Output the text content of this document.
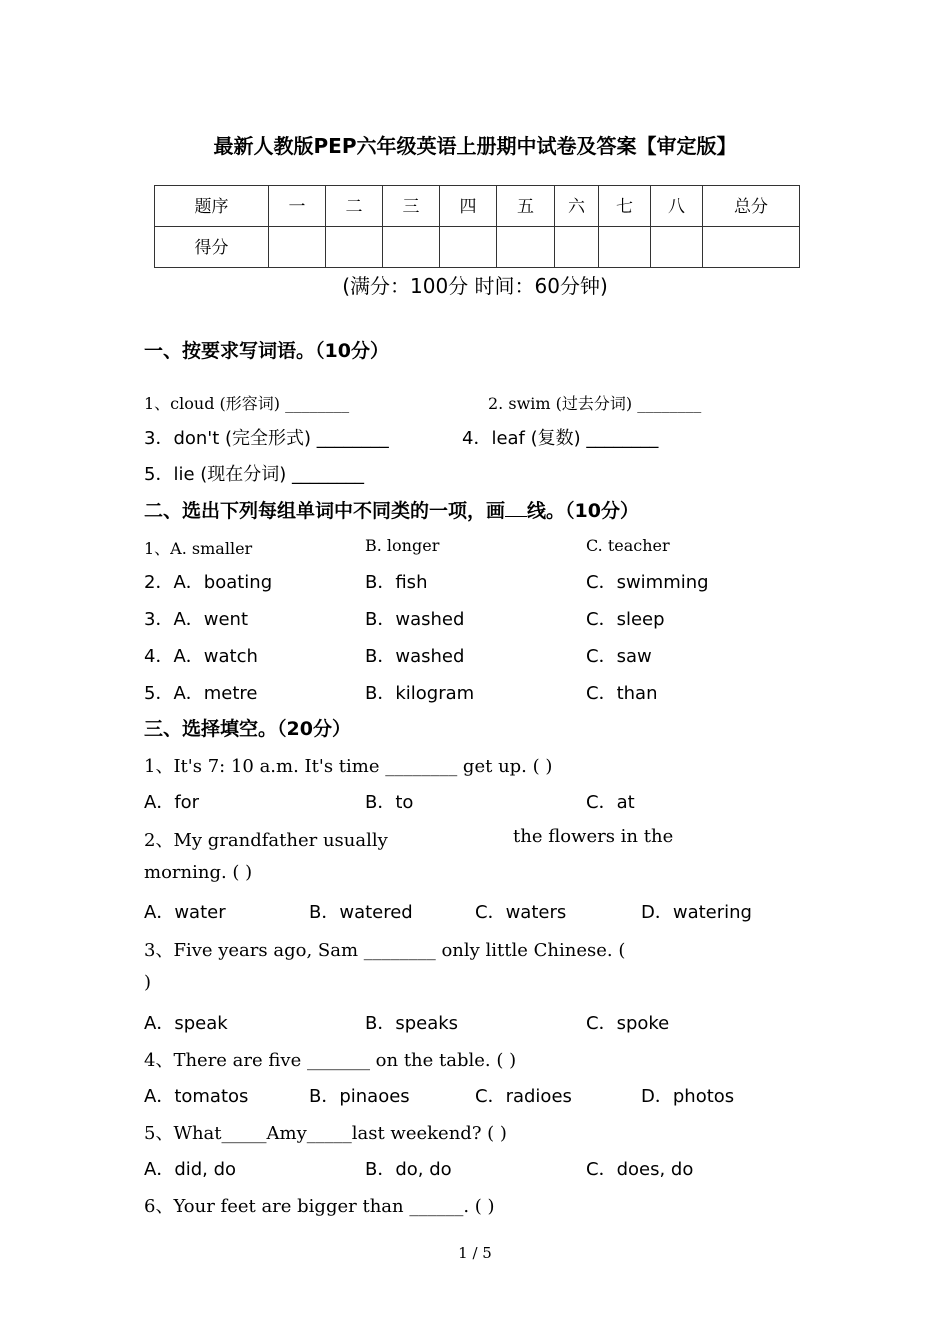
最新人教版PEP六年级英语上册期中试卷及答案【审定版】
题序	一	二	三	四	五	六	七	八	总分
得分									
(满分：100分 时间：60分钟)
一、按要求写词语。（10分）
1、cloud (形容词) ________	2. swim (过去分词) ________
3．don't (完全形式) ________	4．leaf (复数) ________
5．lie (现在分词) ________
二、选出下列每组单词中不同类的一项，画 线。（10分）
1、A. smaller	B. longer	C. teacher
2．A．boating	B．fish	C．swimming
3．A．went	B．washed	C．sleep
4．A．watch	B．washed	C．saw
5．A．metre	B．kilogram	C．than
三、选择填空。（20分）
1、It's 7: 10 a.m. It's time ________ get up. ( )
A．for	B．to	C．at
2、My grandfather usually	the flowers in the
morning. ( )
A．water	B．watered	C．waters	D．watering
3、Five years ago, Sam ________ only little Chinese. (
)
A．speak	B．speaks	C．spoke
4、There are five _______ on the table. ( )
A．tomatos	B．pinaoes	C．radioes	D．photos
5、What_____Amy_____last weekend? ( )
A．did, do	B．do, do	C．does, do
6、Your feet are bigger than ______. ( )
1 / 5
